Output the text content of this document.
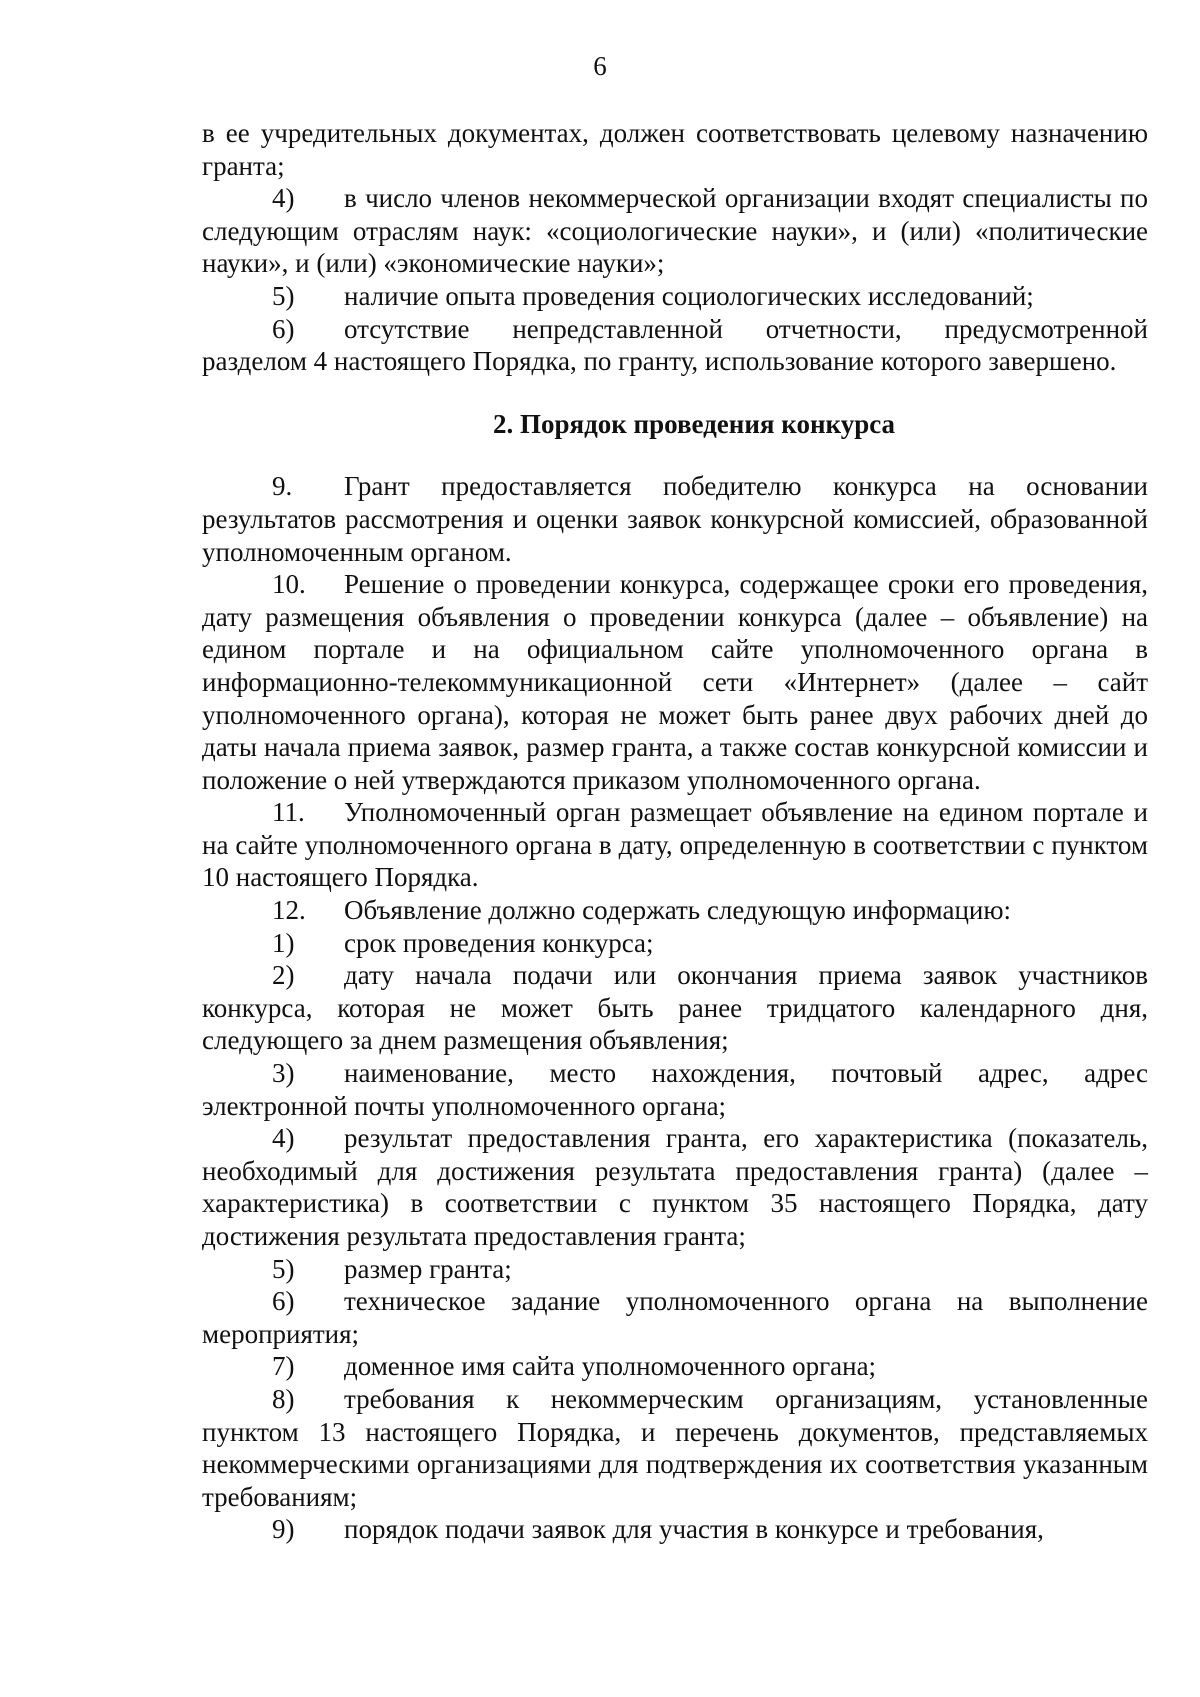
6

в ее учредительных документах, должен соответствовать целевому назначению гранта;

4) в число членов некоммерческой организации входят специалисты по следующим отраслям наук: «социологические науки», и (или) «политические науки», и (или) «экономические науки»;

5) наличие опыта проведения социологических исследований;

6) отсутствие непредставленной отчетности, предусмотренной разделом 4 настоящего Порядка, по гранту, использование которого завершено.

2. Порядок проведения конкурса

9. Грант предоставляется победителю конкурса на основании результатов рассмотрения и оценки заявок конкурсной комиссией, образованной уполномоченным органом.

10. Решение о проведении конкурса, содержащее сроки его проведения, дату размещения объявления о проведении конкурса (далее – объявление) на едином портале и на официальном сайте уполномоченного органа в информационно-телекоммуникационной сети «Интернет» (далее – сайт уполномоченного органа), которая не может быть ранее двух рабочих дней до даты начала приема заявок, размер гранта, а также состав конкурсной комиссии и положение о ней утверждаются приказом уполномоченного органа.

11. Уполномоченный орган размещает объявление на едином портале и на сайте уполномоченного органа в дату, определенную в соответствии с пунктом 10 настоящего Порядка.

12. Объявление должно содержать следующую информацию:

1) срок проведения конкурса;

2) дату начала подачи или окончания приема заявок участников конкурса, которая не может быть ранее тридцатого календарного дня, следующего за днем размещения объявления;

3) наименование, место нахождения, почтовый адрес, адрес электронной почты уполномоченного органа;

4) результат предоставления гранта, его характеристика (показатель, необходимый для достижения результата предоставления гранта) (далее – характеристика) в соответствии с пунктом 35 настоящего Порядка, дату достижения результата предоставления гранта;

5) размер гранта;

6) техническое задание уполномоченного органа на выполнение мероприятия;

7) доменное имя сайта уполномоченного органа;

8) требования к некоммерческим организациям, установленные пунктом 13 настоящего Порядка, и перечень документов, представляемых некоммерческими организациями для подтверждения их соответствия указанным требованиям;

9) порядок подачи заявок для участия в конкурсе и требования,
